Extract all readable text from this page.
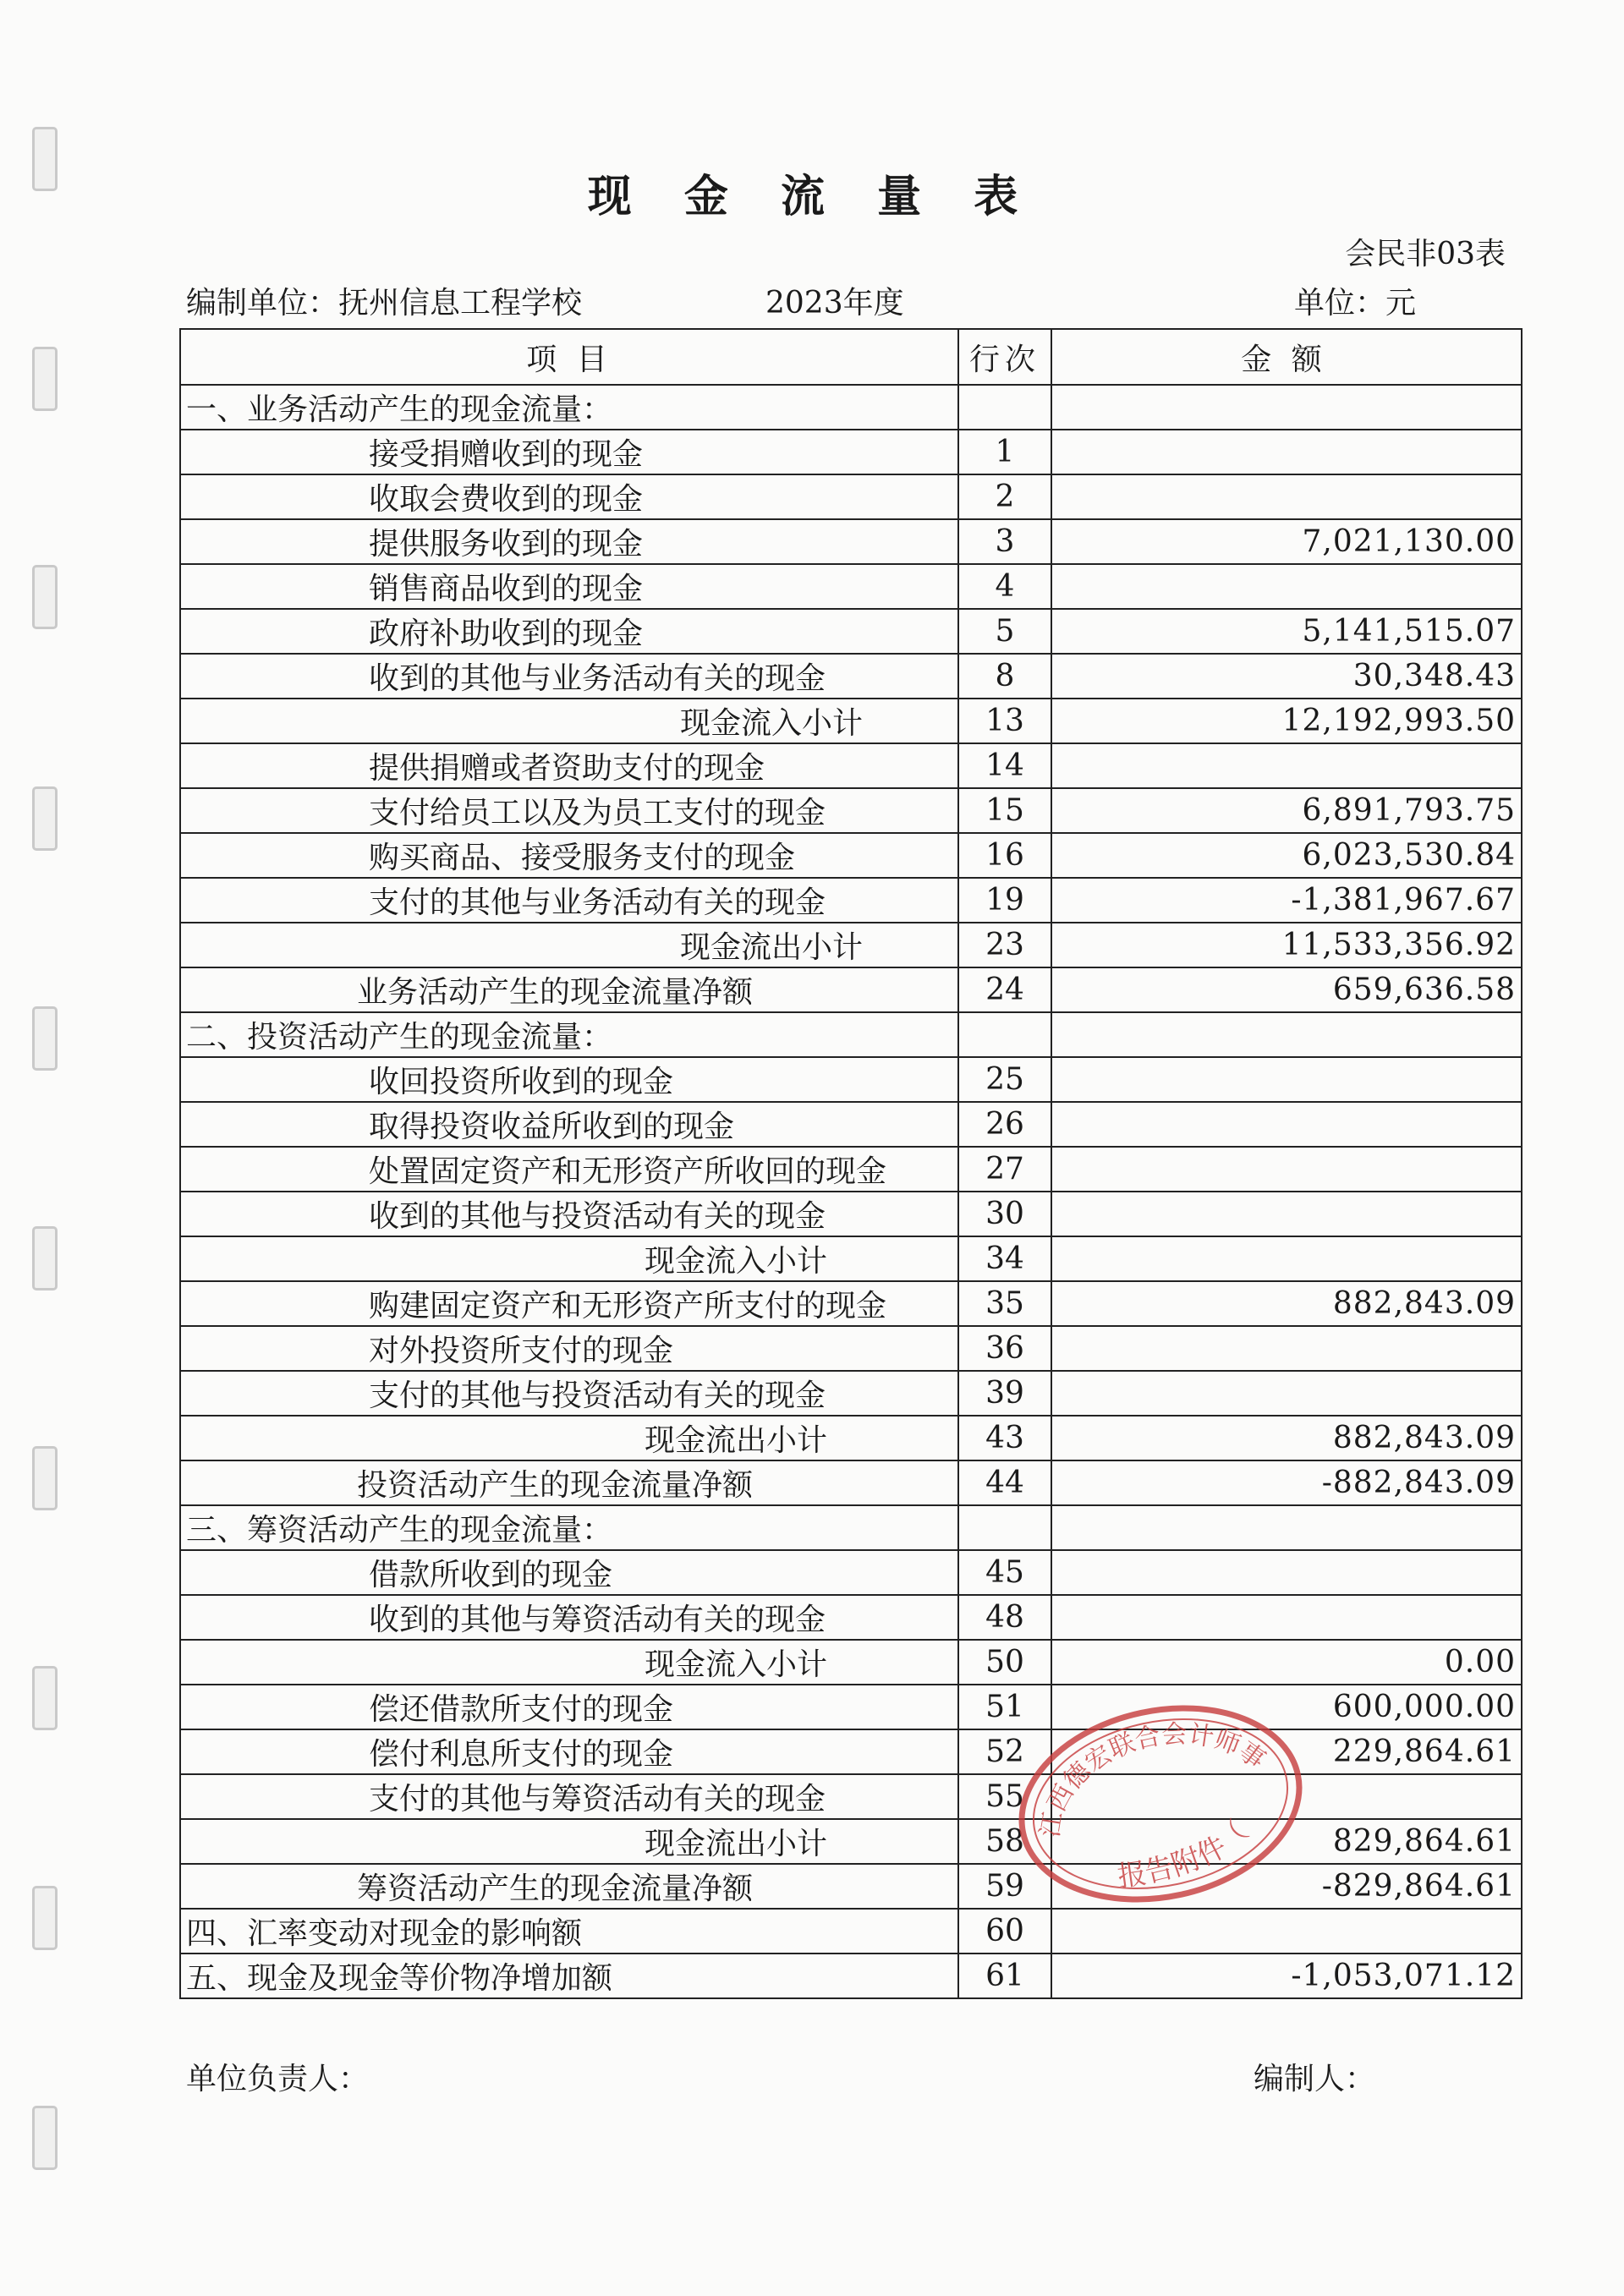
现 金 流 量 表
会民非03表
编制单位：抚州信息工程学校	2023年度	单位：元
项 目	行次	金 额
一、业务活动产生的现金流量：		
接受捐赠收到的现金	1	
收取会费收到的现金	2	
提供服务收到的现金	3	7,021,130.00
销售商品收到的现金	4	
政府补助收到的现金	5	5,141,515.07
收到的其他与业务活动有关的现金	8	30,348.43
现金流入小计	13	12,192,993.50
提供捐赠或者资助支付的现金	14	
支付给员工以及为员工支付的现金	15	6,891,793.75
购买商品、接受服务支付的现金	16	6,023,530.84
支付的其他与业务活动有关的现金	19	-1,381,967.67
现金流出小计	23	11,533,356.92
业务活动产生的现金流量净额	24	659,636.58
二、投资活动产生的现金流量：		
收回投资所收到的现金	25	
取得投资收益所收到的现金	26	
处置固定资产和无形资产所收回的现金	27	
收到的其他与投资活动有关的现金	30	
现金流入小计	34	
购建固定资产和无形资产所支付的现金	35	882,843.09
对外投资所支付的现金	36	
支付的其他与投资活动有关的现金	39	
现金流出小计	43	882,843.09
投资活动产生的现金流量净额	44	-882,843.09
三、筹资活动产生的现金流量：		
借款所收到的现金	45	
收到的其他与筹资活动有关的现金	48	
现金流入小计	50	0.00
偿还借款所支付的现金	51	600,000.00
偿付利息所支付的现金	52	229,864.61
支付的其他与筹资活动有关的现金	55	
现金流出小计	58	829,864.61
筹资活动产生的现金流量净额	59	-829,864.61
四、汇率变动对现金的影响额	60	
五、现金及现金等价物净增加额	61	-1,053,071.12
单位负责人：	编制人：
江西德宏联合会计师事务所
报告附件（1）
